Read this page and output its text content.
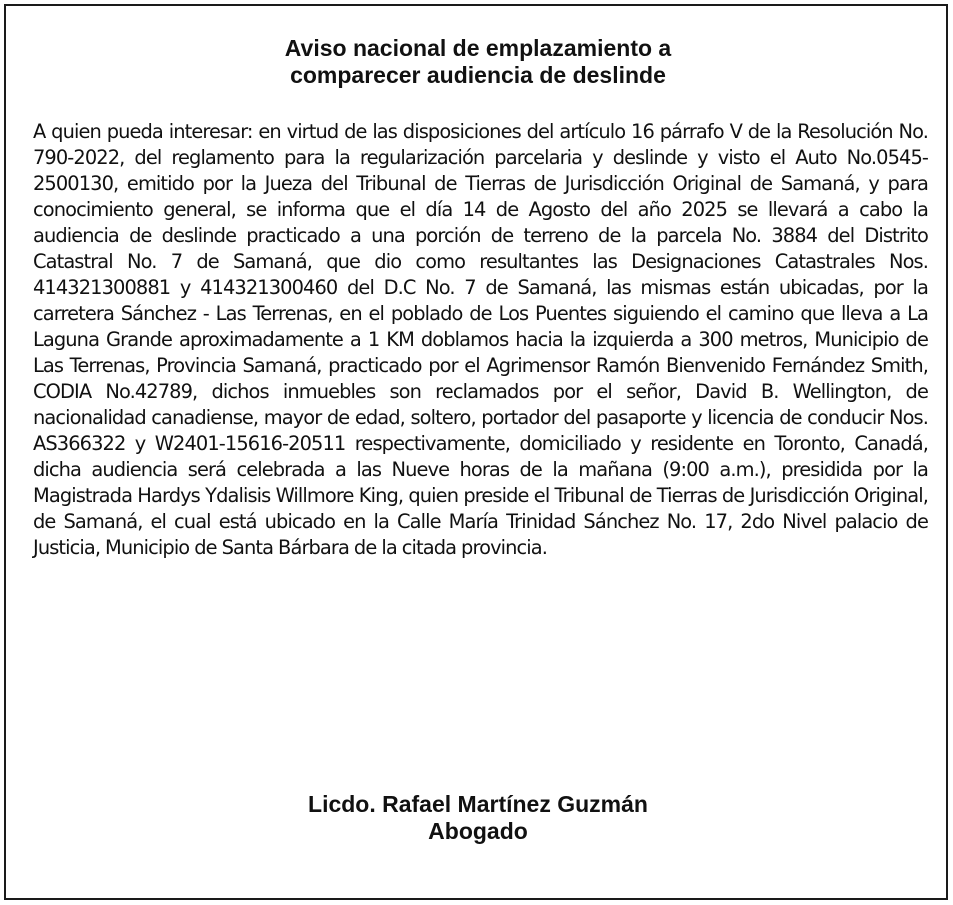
Aviso nacional de emplazamiento a
comparecer audiencia de deslinde
A quien pueda interesar: en virtud de las disposiciones del artículo 16 párrafo V de la Resolución No. 790-2022, del reglamento para la regularización parcelaria y deslinde y visto el Auto No.0545-2500130, emitido por la Jueza del Tribunal de Tierras de Jurisdicción Original de Samaná, y para conocimiento general, se informa que el día 14 de Agosto del año 2025 se llevará a cabo la audiencia de deslinde practicado a una porción de terreno de la parcela No. 3884 del Distrito Catastral No. 7 de Samaná, que dio como resultantes las Designaciones Catastrales Nos. 414321300881 y 414321300460 del D.C No. 7 de Samaná, las mismas están ubicadas, por la carretera Sánchez - Las Terrenas, en el poblado de Los Puentes siguiendo el camino que lleva a La Laguna Grande aproximadamente a 1 KM doblamos hacia la izquierda a 300 metros, Municipio de Las Terrenas, Provincia Samaná, practicado por el Agrimensor Ramón Bienvenido Fernández Smith, CODIA No.42789, dichos inmuebles son reclamados por el señor, David B. Wellington, de nacionalidad canadiense, mayor de edad, soltero, portador del pasaporte y licencia de conducir Nos. AS366322 y W2401-15616-20511 respectivamente, domiciliado y residente en Toronto, Canadá, dicha audiencia será celebrada a las Nueve horas de la mañana (9:00 a.m.), presidida por la Magistrada Hardys Ydalisis Willmore King, quien preside el Tribunal de Tierras de Jurisdicción Original, de Samaná, el cual está ubicado en la Calle María Trinidad Sánchez No. 17, 2do Nivel palacio de Justicia, Municipio de Santa Bárbara de la citada provincia.
Licdo. Rafael Martínez Guzmán
Abogado
